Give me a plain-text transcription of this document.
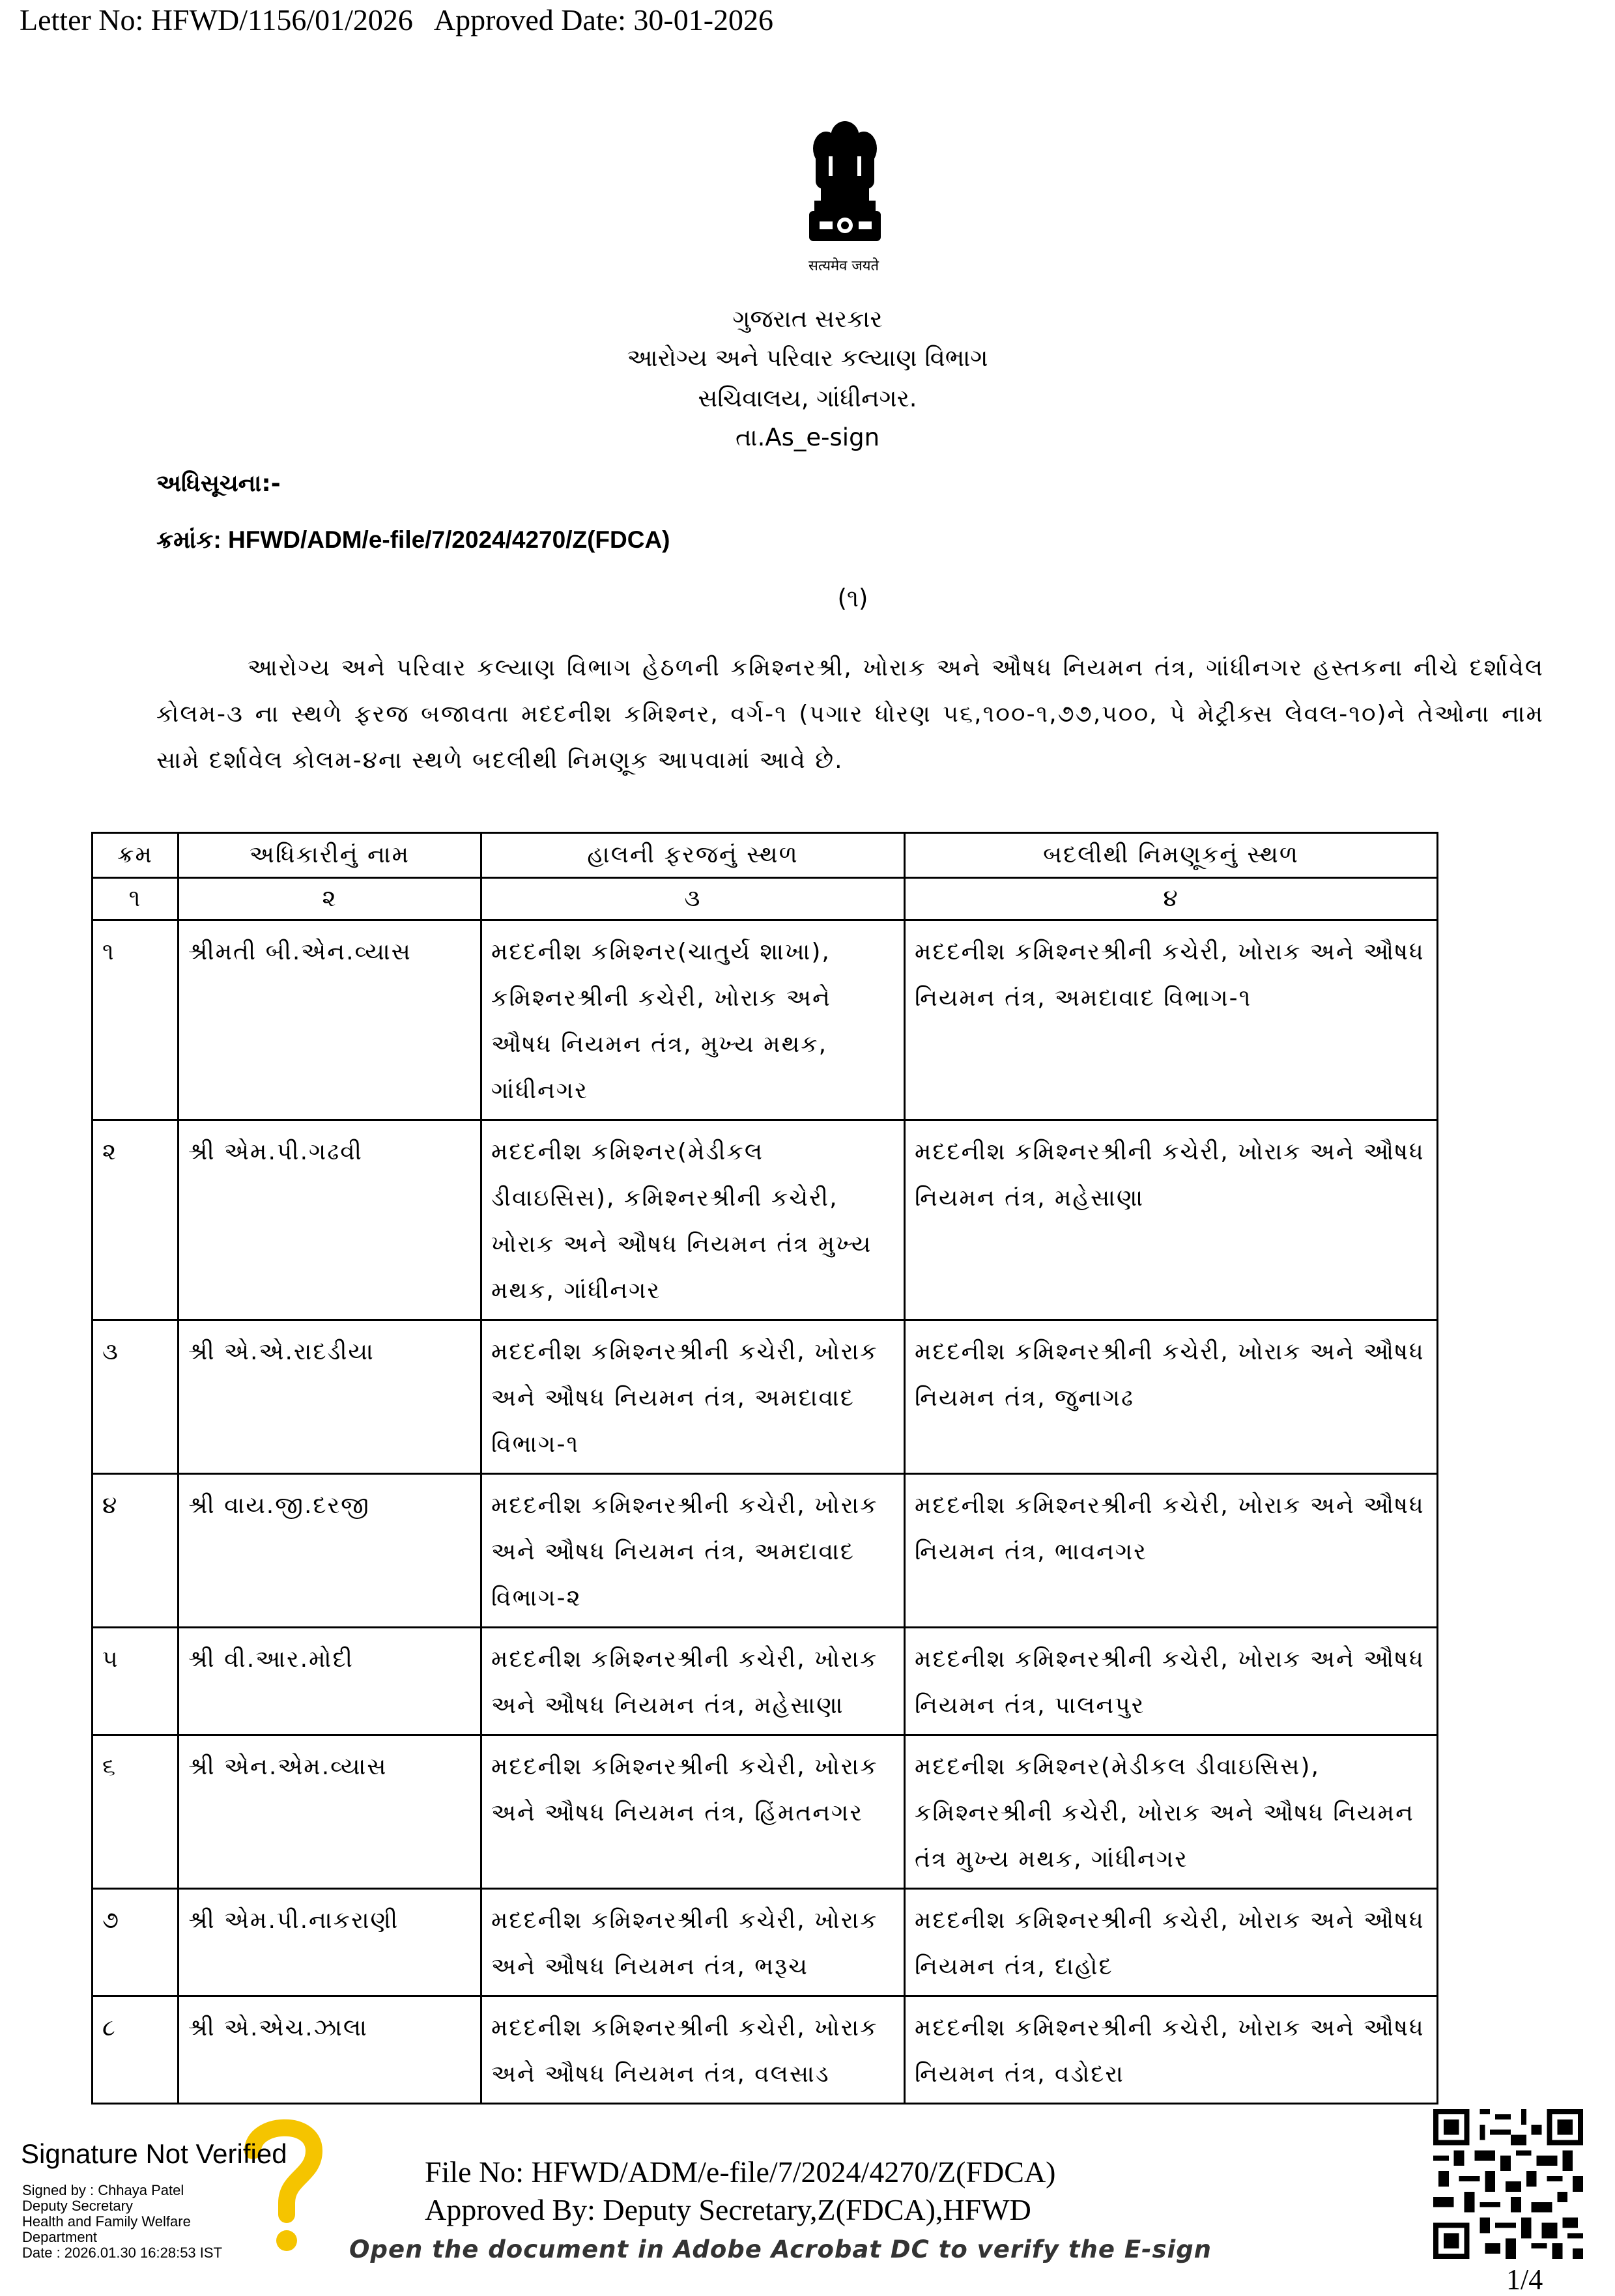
Letter No: HFWD/1156/01/2026   Approved Date: 30-01-2026
सत्यमेव जयते
ગુજરાત સરકાર
આરોગ્ય અને પરિવાર કલ્યાણ વિભાગ
સચિવાલય, ગાંધીનગર.
તા.As_e-sign
અધિસૂચના:-
ક્રમાંક: HFWD/ADM/e-file/7/2024/4270/Z(FDCA)
(૧)
આરોગ્ય અને પરિવાર કલ્યાણ વિભાગ હેઠળની કમિશ્નરશ્રી, ખોરાક અને ઔષધ નિયમન તંત્ર, ગાંધીનગર હસ્તકના નીચે દર્શાવેલ કોલમ-૩ ના સ્થળે ફરજ બજાવતા મદદનીશ કમિશ્નર, વર્ગ-૧ (પગાર ધોરણ ૫૬,૧૦૦-૧,૭૭,૫૦૦, પે મેટ્રીક્સ લેવલ-૧૦)ને તેઓના નામ સામે દર્શાવેલ કોલમ-૪ના સ્થળે બદલીથી નિમણૂક આપવામાં આવે છે.
ક્રમ	અધિકારીનું નામ	હાલની ફરજનું સ્થળ	બદલીથી નિમણૂકનું સ્થળ
૧	૨	૩	૪
૧	શ્રીમતી બી.એન.વ્યાસ	મદદનીશ કમિશ્નર(ચાતુર્ય શાખા), કમિશ્નરશ્રીની કચેરી, ખોરાક અને ઔષધ નિયમન તંત્ર, મુખ્ય મથક, ગાંધીનગર	મદદનીશ કમિશ્નરશ્રીની કચેરી, ખોરાક અને ઔષધ નિયમન તંત્ર, અમદાવાદ વિભાગ-૧
૨	શ્રી એમ.પી.ગઢવી	મદદનીશ કમિશ્નર(મેડીકલ ડીવાઇસિસ), કમિશ્નરશ્રીની કચેરી, ખોરાક અને ઔષધ નિયમન તંત્ર મુખ્ય મથક, ગાંધીનગર	મદદનીશ કમિશ્નરશ્રીની કચેરી, ખોરાક અને ઔષધ નિયમન તંત્ર, મહેસાણા
૩	શ્રી એ.એ.રાદડીયા	મદદનીશ કમિશ્નરશ્રીની કચેરી, ખોરાક અને ઔષધ નિયમન તંત્ર, અમદાવાદ વિભાગ-૧	મદદનીશ કમિશ્નરશ્રીની કચેરી, ખોરાક અને ઔષધ નિયમન તંત્ર, જુનાગઢ
૪	શ્રી વાય.જી.દરજી	મદદનીશ કમિશ્નરશ્રીની કચેરી, ખોરાક અને ઔષધ નિયમન તંત્ર, અમદાવાદ વિભાગ-૨	મદદનીશ કમિશ્નરશ્રીની કચેરી, ખોરાક અને ઔષધ નિયમન તંત્ર, ભાવનગર
૫	શ્રી વી.આર.મોદી	મદદનીશ કમિશ્નરશ્રીની કચેરી, ખોરાક અને ઔષધ નિયમન તંત્ર, મહેસાણા	મદદનીશ કમિશ્નરશ્રીની કચેરી, ખોરાક અને ઔષધ નિયમન તંત્ર, પાલનપુર
૬	શ્રી એન.એમ.વ્યાસ	મદદનીશ કમિશ્નરશ્રીની કચેરી, ખોરાક અને ઔષધ નિયમન તંત્ર, હિંમતનગર	મદદનીશ કમિશ્નર(મેડીકલ ડીવાઇસિસ), કમિશ્નરશ્રીની કચેરી, ખોરાક અને ઔષધ નિયમન તંત્ર મુખ્ય મથક, ગાંધીનગર
૭	શ્રી એમ.પી.નાકરાણી	મદદનીશ કમિશ્નરશ્રીની કચેરી, ખોરાક અને ઔષધ નિયમન તંત્ર, ભરૂચ	મદદનીશ કમિશ્નરશ્રીની કચેરી, ખોરાક અને ઔષધ નિયમન તંત્ર, દાહોદ
૮	શ્રી એ.એચ.ઝાલા	મદદનીશ કમિશ્નરશ્રીની કચેરી, ખોરાક અને ઔષધ નિયમન તંત્ર, વલસાડ	મદદનીશ કમિશ્નરશ્રીની કચેરી, ખોરાક અને ઔષધ નિયમન તંત્ર, વડોદરા
Signature Not Verified
Signed by : Chhaya Patel
Deputy Secretary
Health and Family Welfare
Department
Date : 2026.01.30 16:28:53 IST
File No: HFWD/ADM/e-file/7/2024/4270/Z(FDCA)
Approved By: Deputy Secretary,Z(FDCA),HFWD
Open the document in Adobe Acrobat DC to verify the E-sign
1/4
